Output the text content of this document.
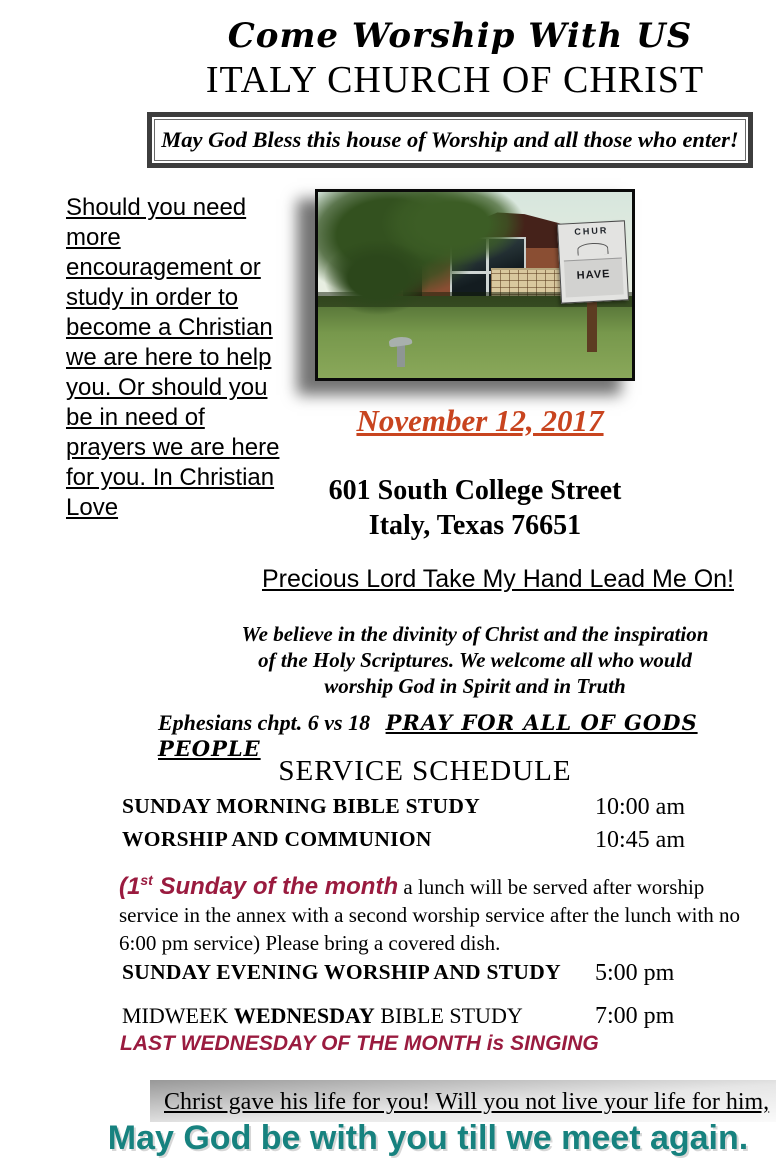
Come Worship With US
ITALY CHURCH OF CHRIST
May God Bless this house of Worship and all those who enter!
Should you need more encouragement or study in order to become a Christian we are here to help you. Or should you be in need of prayers we are here for you. In Christian Love
CHUR
HAVE
November 12, 2017
601 South College Street
Italy, Texas 76651
Precious Lord Take My Hand Lead Me On!
We believe in the divinity of Christ and the inspiration
of the Holy Scriptures. We welcome all who would
worship God in Spirit and in Truth
Ephesians chpt. 6 vs 18 PRAY FOR ALL OF GODS PEOPLE
SERVICE SCHEDULE
SUNDAY MORNING BIBLE STUDY	10:00 am
WORSHIP AND COMMUNION	10:45 am
(1st Sunday of the month a lunch will be served after worship service in the annex with a second worship service after the lunch with no 6:00 pm service) Please bring a covered dish.
SUNDAY EVENING WORSHIP AND STUDY 5:00 pm
MIDWEEK WEDNESDAY BIBLE STUDY	7:00 pm
LAST WEDNESDAY OF THE MONTH is SINGING
Christ gave his life for you! Will you not live your life for him,
May God be with you till we meet again.
